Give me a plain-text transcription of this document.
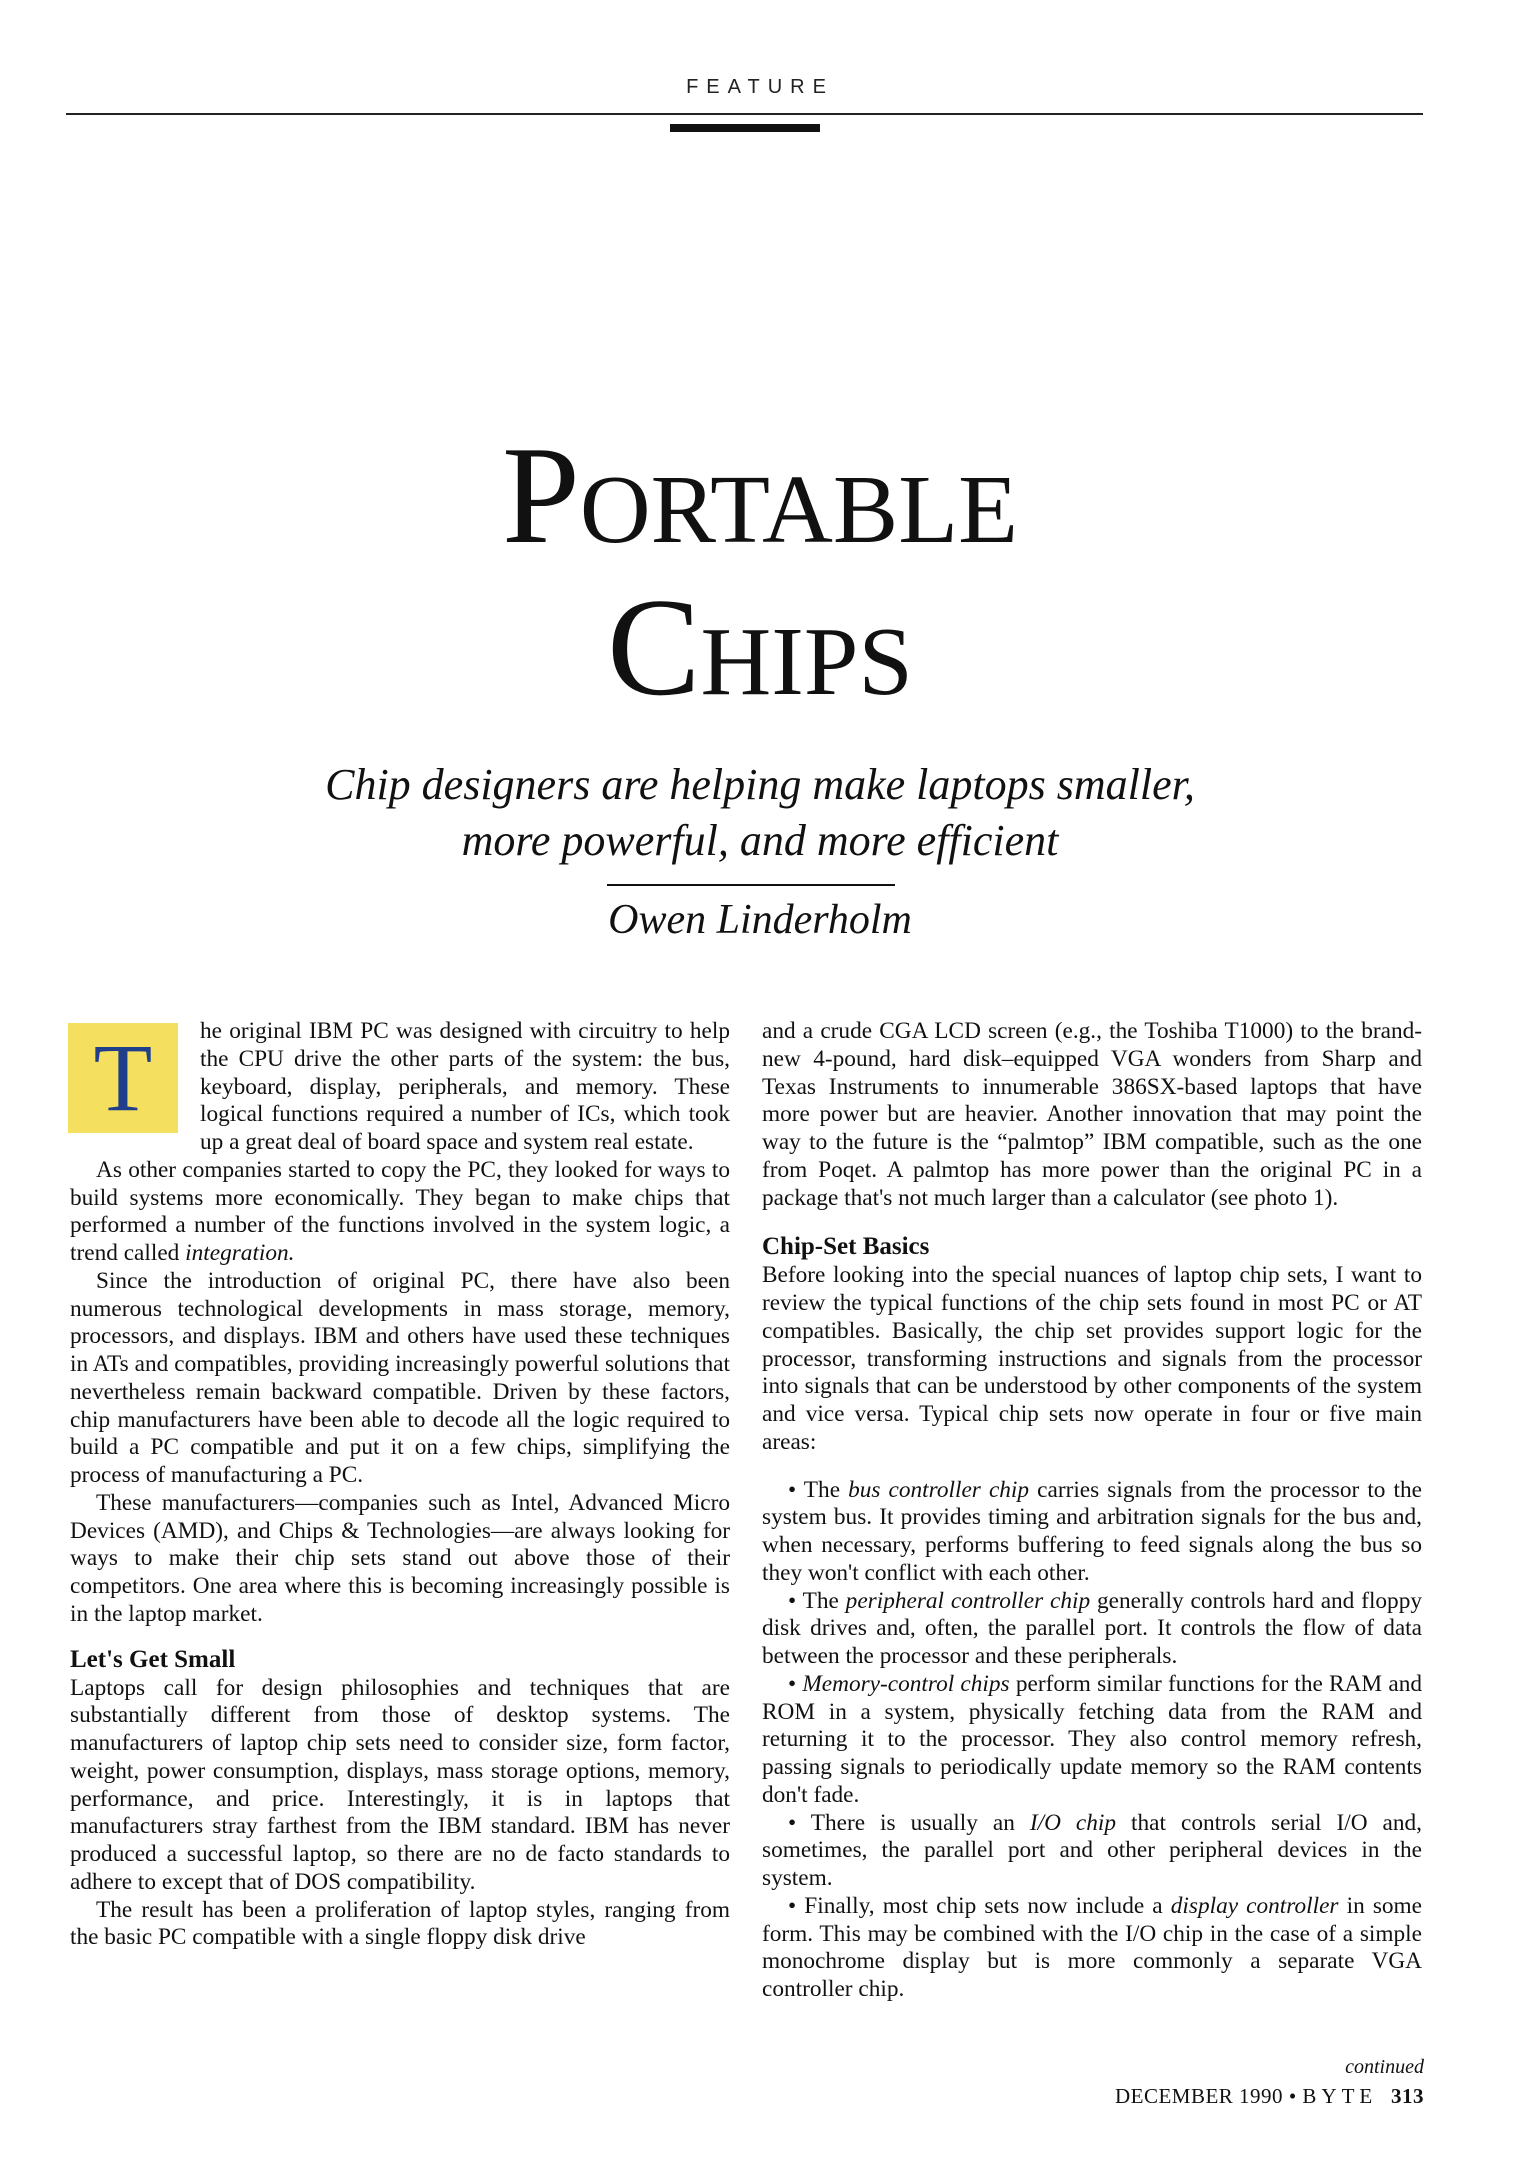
FEATURE
Portable
Chips
Chip designers are helping make laptops smaller,
more powerful, and more efficient
Owen Linderholm

T	he original IBM PC was designed with circuitry to help the CPU drive the other parts of the system: the bus, keyboard, display, peripherals, and memory. These logical functions required a number of ICs, which took up a great deal of board space and system real estate.

As other companies started to copy the PC, they looked for ways to build systems more economically. They began to make chips that performed a number of the functions involved in the system logic, a trend called integration.

Since the introduction of original PC, there have also been numerous technological developments in mass storage, memory, processors, and displays. IBM and others have used these techniques in ATs and compatibles, providing increasingly powerful solutions that nevertheless remain backward compatible. Driven by these factors, chip manufacturers have been able to decode all the logic required to build a PC compatible and put it on a few chips, simplifying the process of manufacturing a PC.

These manufacturers—companies such as Intel, Advanced Micro Devices (AMD), and Chips & Technologies—are always looking for ways to make their chip sets stand out above those of their competitors. One area where this is becoming increasingly possible is in the laptop market.

Let's Get Small

Laptops call for design philosophies and techniques that are substantially different from those of desktop systems. The manufacturers of laptop chip sets need to consider size, form factor, weight, power consumption, displays, mass storage options, memory, performance, and price. Interestingly, it is in laptops that manufacturers stray farthest from the IBM standard. IBM has never produced a successful laptop, so there are no de facto standards to adhere to except that of DOS compatibility.

The result has been a proliferation of laptop styles, ranging from the basic PC compatible with a single floppy disk drive

and a crude CGA LCD screen (e.g., the Toshiba T1000) to the brand-new 4-pound, hard disk–equipped VGA wonders from Sharp and Texas Instruments to innumerable 386SX-based laptops that have more power but are heavier. Another innovation that may point the way to the future is the “palmtop” IBM compatible, such as the one from Poqet. A palmtop has more power than the original PC in a package that's not much larger than a calculator (see photo 1).

Chip-Set Basics

Before looking into the special nuances of laptop chip sets, I want to review the typical functions of the chip sets found in most PC or AT compatibles. Basically, the chip set provides support logic for the processor, transforming instructions and signals from the processor into signals that can be understood by other components of the system and vice versa. Typical chip sets now operate in four or five main areas:

• The bus controller chip carries signals from the processor to the system bus. It provides timing and arbitration signals for the bus and, when necessary, performs buffering to feed signals along the bus so they won't conflict with each other.

• The peripheral controller chip generally controls hard and floppy disk drives and, often, the parallel port. It controls the flow of data between the processor and these peripherals.

• Memory-control chips perform similar functions for the RAM and ROM in a system, physically fetching data from the RAM and returning it to the processor. They also control memory refresh, passing signals to periodically update memory so the RAM contents don't fade.

• There is usually an I/O chip that controls serial I/O and, sometimes, the parallel port and other peripheral devices in the system.

• Finally, most chip sets now include a display controller in some form. This may be combined with the I/O chip in the case of a simple monochrome display but is more commonly a separate VGA controller chip.

continued
DECEMBER 1990 • BYTE 313
